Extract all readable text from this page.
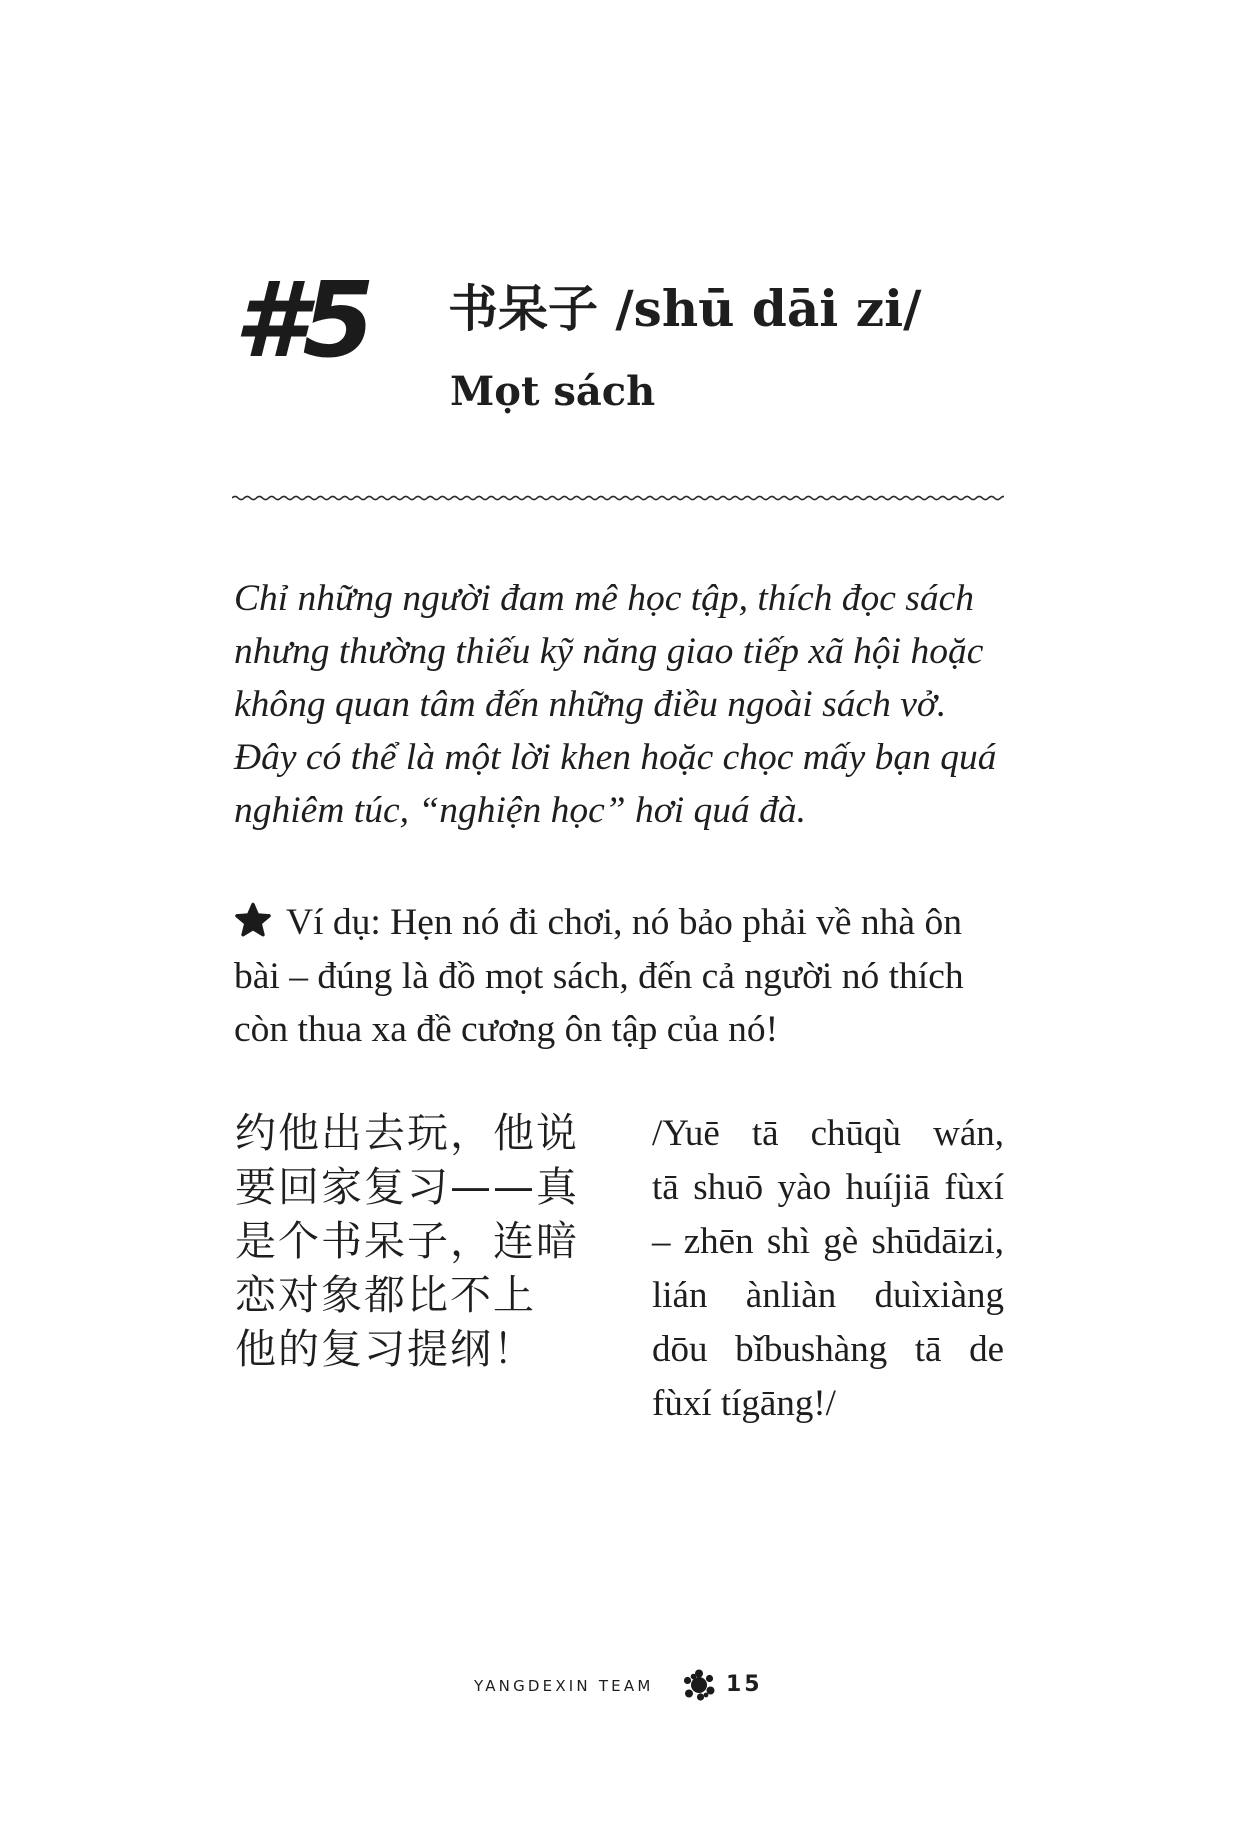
#5 书呆子 /shū dāi zi/
Mọt sách
Chỉ những người đam mê học tập, thích đọc sách
nhưng thường thiếu kỹ năng giao tiếp xã hội hoặc
không quan tâm đến những điều ngoài sách vở.
Đây có thể là một lời khen hoặc chọc mấy bạn quá
nghiêm túc, “nghiện học” hơi quá đà.
Ví dụ: Hẹn nó đi chơi, nó bảo phải về nhà ôn
bài – đúng là đồ mọt sách, đến cả người nó thích
còn thua xa đề cương ôn tập của nó!
约他出去玩，他说
要回家复习——真
是个书呆子，连暗
恋对象都比不上
他的复习提纲！
/Yuē tā chūqù wán,
tā shuō yào huíjiā fùxí
– zhēn shì gè shūdāizi,
lián ànliàn duìxiàng
dōu bǐbushàng tā de
fùxí tígāng!/
YANGDEXIN TEAM	15
